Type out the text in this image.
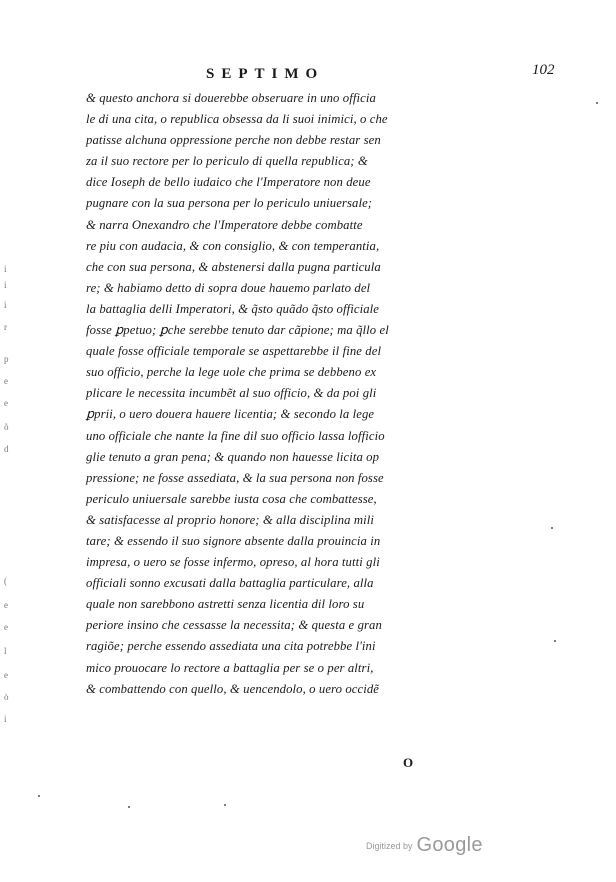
SEPTIMO	102
& questo anchora si douerebbe obseruare in uno officia
le di una cita, o republica obsessa da li suoi inimici, o che
patisse alchuna oppressione perche non debbe restar sen
za il suo rectore per lo periculo di quella republica; &
dice Ioseph de bello iudaico che l'Imperatore non deue
pugnare con la sua persona per lo periculo uniuersale;
& narra Onexandro che l'Imperatore debbe combatte
re piu con audacia, & con consiglio, & con temperantia,
che con sua persona, & abstenersi dalla pugna particula
re; & habiamo detto di sopra doue hauemo parlato del
la battaglia delli Imperatori, & q̃sto quãdo q̃sto officiale
fosse ꝑpetuo; ꝑche serebbe tenuto dar cãpione; ma q̃llo el
quale fosse officiale temporale se aspettarebbe il fine del
suo officio, perche la lege uole che prima se debbeno ex
plicare le necessita incumbẽt al suo officio, & da poi gli
ꝑprii, o uero douera hauere licentia; & secondo la lege
uno officiale che nante la fine dil suo officio lassa lofficio
glie tenuto a gran pena; & quando non hauesse licita op
pressione; ne fosse assediata, & la sua persona non fosse
periculo uniuersale sarebbe iusta cosa che combattesse,
& satisfacesse al proprio honore; & alla disciplina mili
tare; & essendo il suo signore absente dalla prouincia in
impresa, o uero se fosse infermo, opreso, al hora tutti gli
officiali sonno excusati dalla battaglia particulare, alla
quale non sarebbono astretti senza licentia dil loro su
periore insino che cessasse la necessita; & questa e gran
ragiõe; perche essendo assediata una cita potrebbe l'ini
mico prouocare lo rectore a battaglia per se o per altri,
& combattendo con quello, & uencendolo, o uero occidẽ
O
i
i
i
r
p
e
e
õ
d
(
e
e
l
e
ò
i
Digitized by Google
